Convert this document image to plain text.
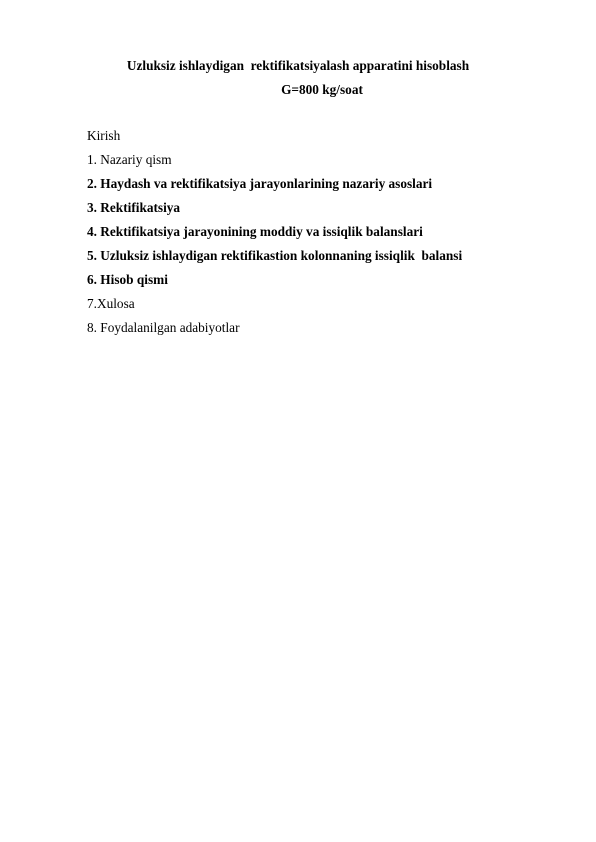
Uzluksiz ishlaydigan  rektifikatsiyalash apparatini hisoblash
G=800 kg/soat
Kirish
1. Nazariy qism
2. Haydash va rektifikatsiya jarayonlarining nazariy asoslari
3. Rektifikatsiya
4. Rektifikatsiya jarayonining moddiy va issiqlik balanslari
5. Uzluksiz ishlaydigan rektifikastion kolonnaning issiqlik  balansi
6. Hisob qismi
7.Xulosa
8. Foydalanilgan adabiyotlar
